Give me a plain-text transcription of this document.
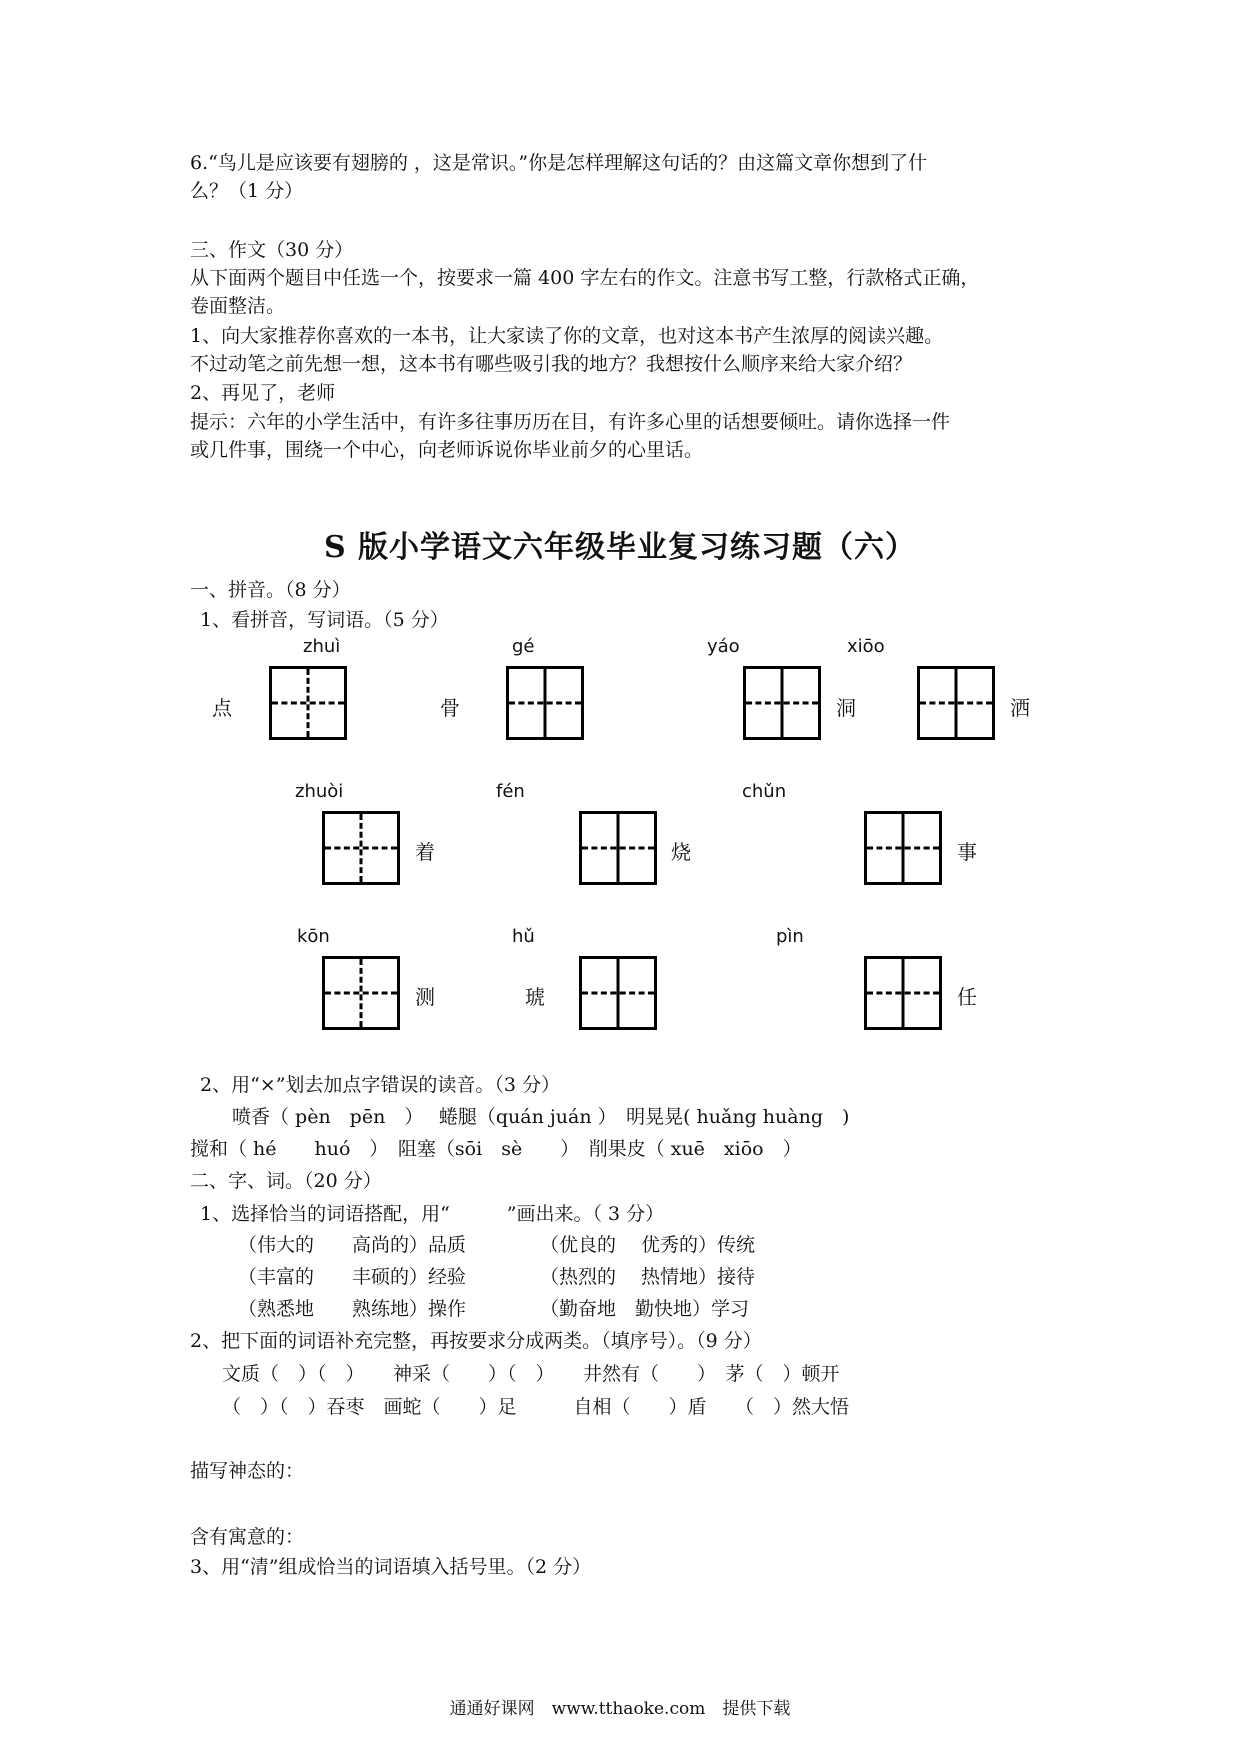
6.“鸟儿是应该要有翅膀的 ，这是常识。”你是怎样理解这句话的？由这篇文章你想到了什
么？（1 分）
三、作文（30 分）
从下面两个题目中任选一个，按要求一篇 400 字左右的作文。注意书写工整，行款格式正确，
卷面整洁。
1、向大家推荐你喜欢的一本书，让大家读了你的文章，也对这本书产生浓厚的阅读兴趣。
不过动笔之前先想一想，这本书有哪些吸引我的地方？我想按什么顺序来给大家介绍？
2、再见了，老师
提示：六年的小学生活中，有许多往事历历在目，有许多心里的话想要倾吐。请你选择一件
或几件事，围绕一个中心，向老师诉说你毕业前夕的心里话。
S 版小学语文六年级毕业复习练习题（六）
一、拼音。（8 分）
1、看拼音，写词语。（5 分）
zhuì	gé	yáo	xiōo
点	骨	洞	洒
zhuòi	fén	chǔn
着	烧	事
kōn	hǔ	pìn
测	琥	任
2、用“×”划去加点字错误的读音。（3 分）
喷香（ pèn　pēn　）　 蜷腿（quán juán ）　明晃晃( huǎng huàng　)
搅和（ hé　　huó　）　阻塞（sōi　sè　　）　削果皮（ xuē　xiōo　）
二、字、词。（20 分）
1、选择恰当的词语搭配，用“　　　”画出来。（ 3 分）
（伟大的　　高尚的）品质	（优良的　 优秀的）传统
（丰富的　　丰硕的）经验	（热烈的　 热情地）接待
（熟悉地　　熟练地）操作	（勤奋地　勤快地）学习
2、把下面的词语补充完整，再按要求分成两类。（填序号）。（9 分）
文质（　）（　）　　神采（　　）（　）　　井然有（　　）　茅（　）顿开
（　）（　）吞枣　画蛇（　　）足　　　自相（　　）盾　　（　）然大悟
描写神态的：
含有寓意的：
3、用“清”组成恰当的词语填入括号里。（2 分）
通通好课网　www.tthaoke.com　提供下载
